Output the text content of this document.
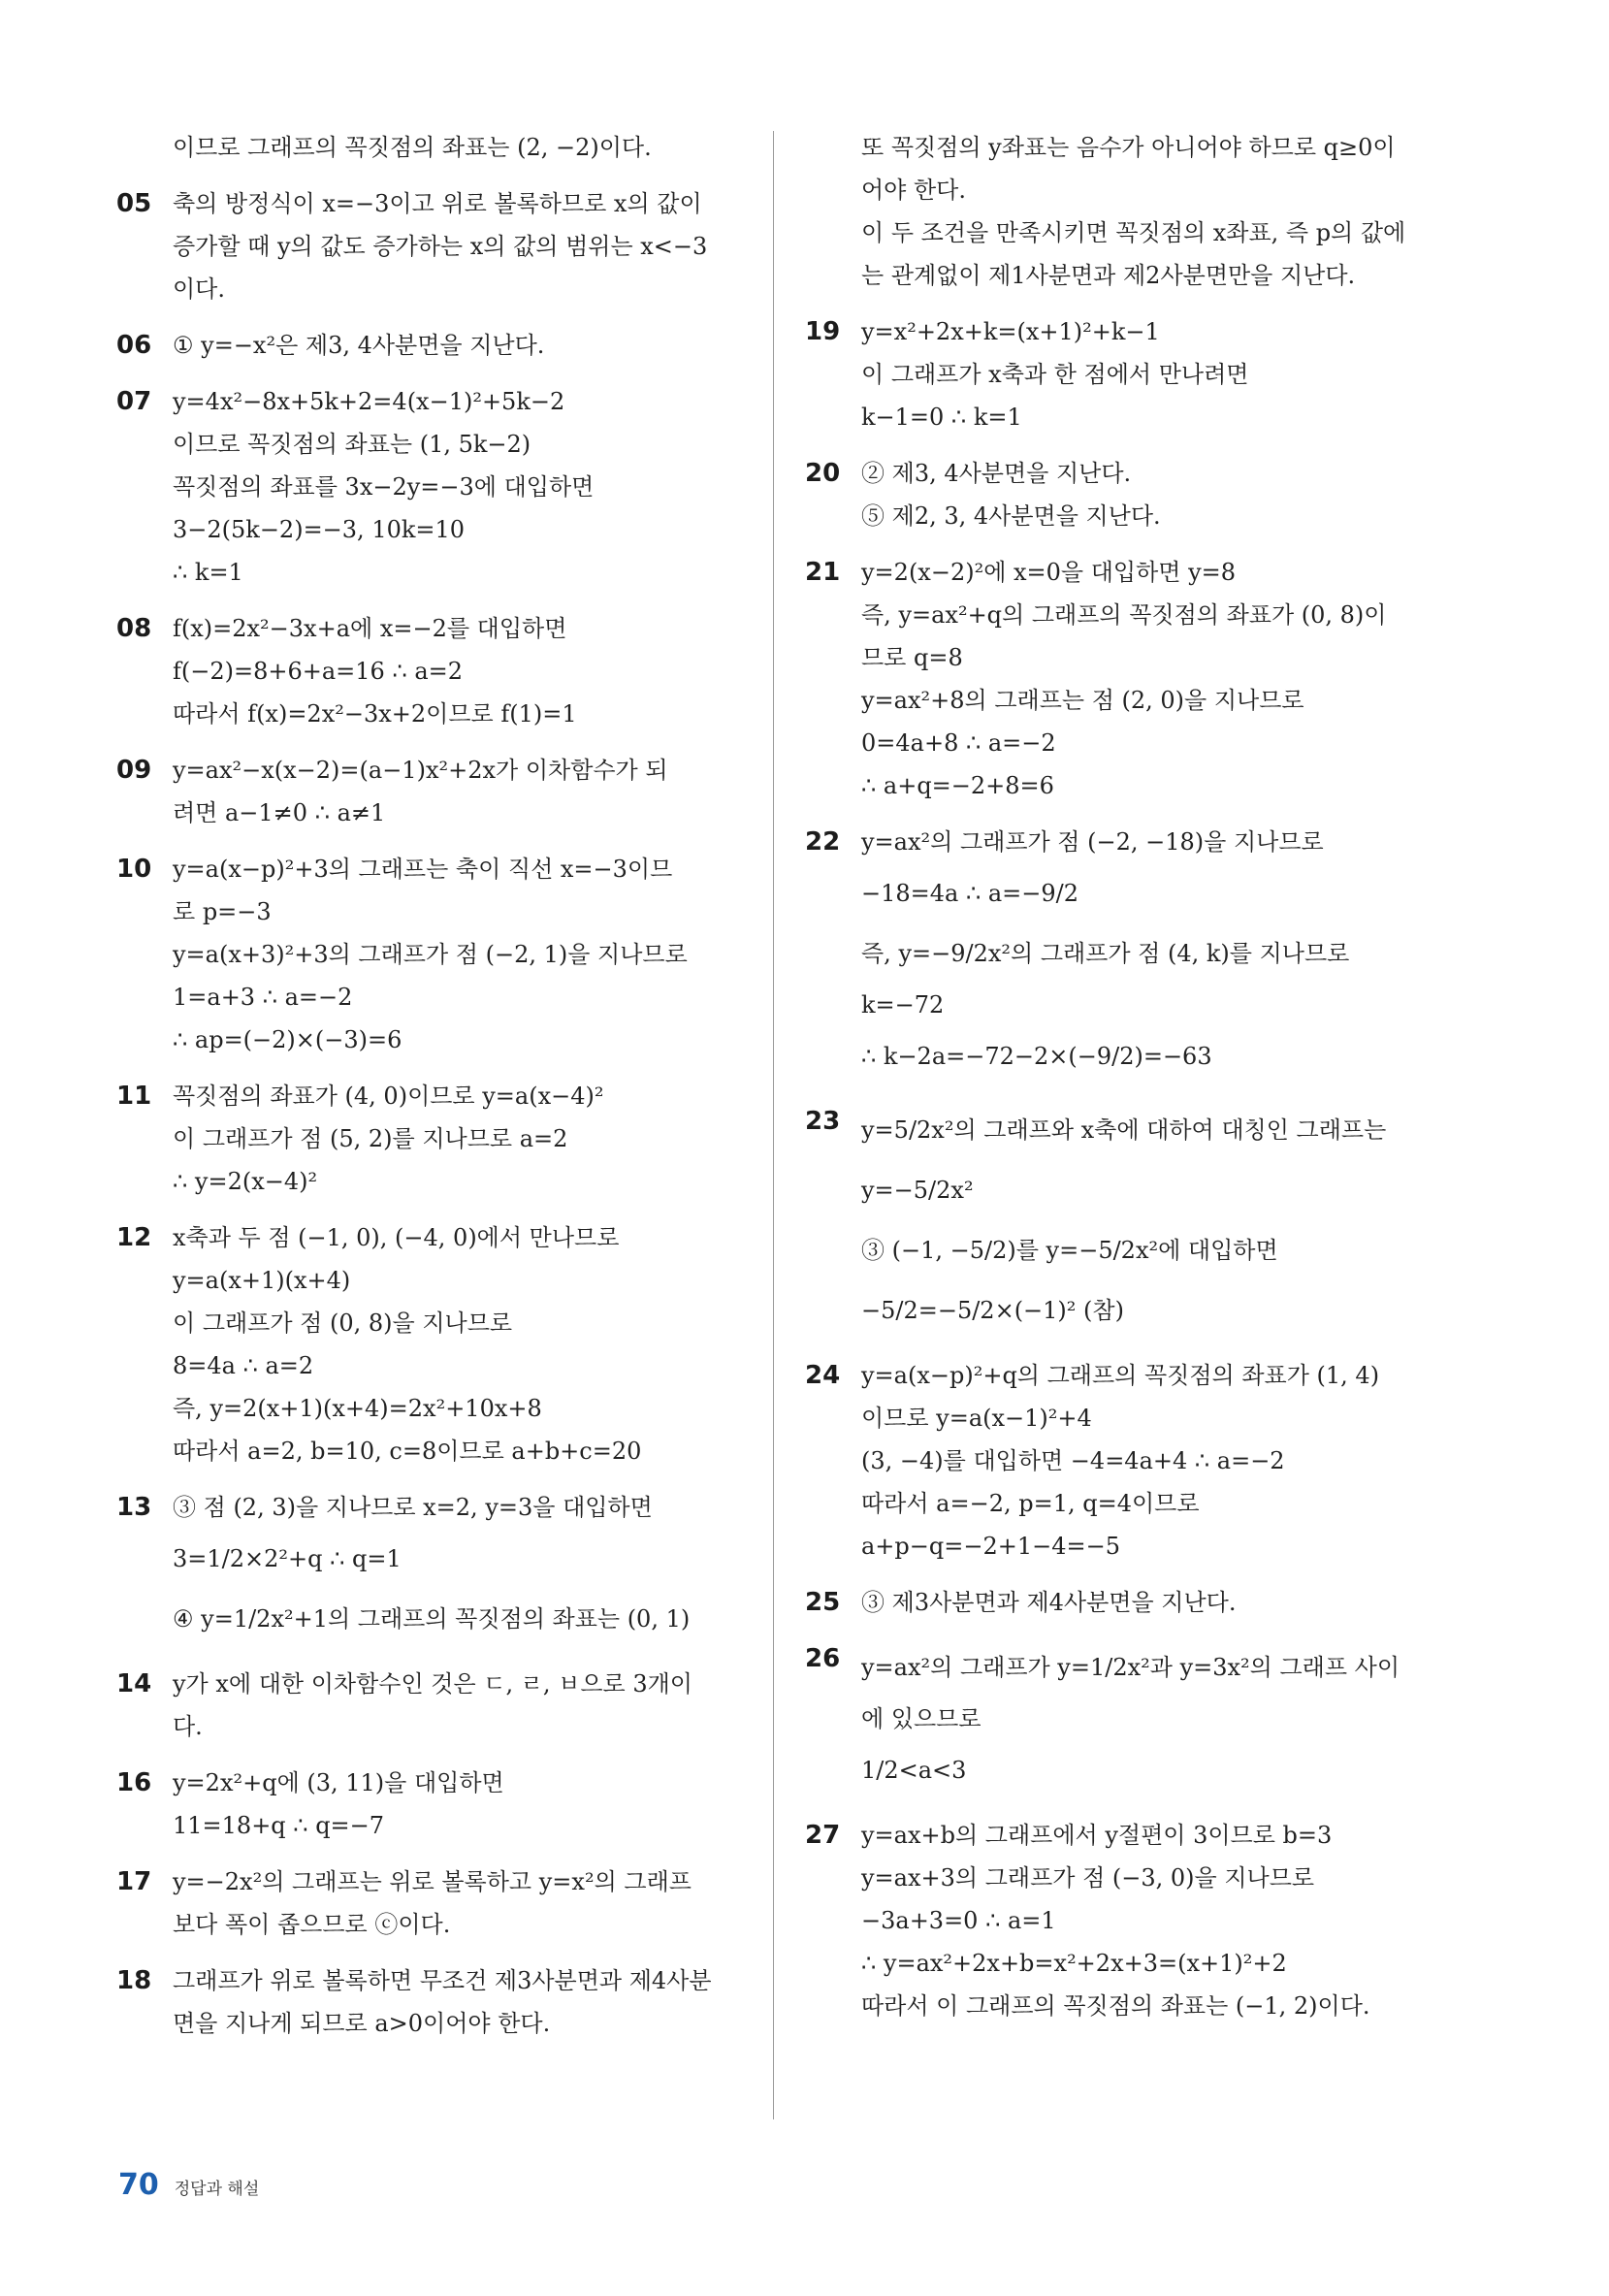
이므로 그래프의 꼭짓점의 좌표는 (2, −2)이다.
05 축의 방정식이 x=−3이고 위로 볼록하므로 x의 값이
증가할 때 y의 값도 증가하는 x의 값의 범위는 x<−3
이다.
06 ① y=−x²은 제3, 4사분면을 지난다.
07 y=4x²−8x+5k+2=4(x−1)²+5k−2
이므로 꼭짓점의 좌표는 (1, 5k−2)
꼭짓점의 좌표를 3x−2y=−3에 대입하면
3−2(5k−2)=−3, 10k=10
∴ k=1
08 f(x)=2x²−3x+a에 x=−2를 대입하면
f(−2)=8+6+a=16 ∴ a=2
따라서 f(x)=2x²−3x+2이므로 f(1)=1
09 y=ax²−x(x−2)=(a−1)x²+2x가 이차함수가 되
려면 a−1≠0 ∴ a≠1
10 y=a(x−p)²+3의 그래프는 축이 직선 x=−3이므
로 p=−3
y=a(x+3)²+3의 그래프가 점 (−2, 1)을 지나므로
1=a+3 ∴ a=−2
∴ ap=(−2)×(−3)=6
11 꼭짓점의 좌표가 (4, 0)이므로 y=a(x−4)²
이 그래프가 점 (5, 2)를 지나므로 a=2
∴ y=2(x−4)²
12 x축과 두 점 (−1, 0), (−4, 0)에서 만나므로
y=a(x+1)(x+4)
이 그래프가 점 (0, 8)을 지나므로
8=4a ∴ a=2
즉, y=2(x+1)(x+4)=2x²+10x+8
따라서 a=2, b=10, c=8이므로 a+b+c=20
13 ③ 점 (2, 3)을 지나므로 x=2, y=3을 대입하면
3=1/2×2²+q ∴ q=1
④ y=1/2x²+1의 그래프의 꼭짓점의 좌표는 (0, 1)
14 y가 x에 대한 이차함수인 것은 ㄷ, ㄹ, ㅂ으로 3개이
다.
16 y=2x²+q에 (3, 11)을 대입하면
11=18+q ∴ q=−7
17 y=−2x²의 그래프는 위로 볼록하고 y=x²의 그래프
보다 폭이 좁으므로 ⓒ이다.
18 그래프가 위로 볼록하면 무조건 제3사분면과 제4사분
면을 지나게 되므로 a>0이어야 한다.
또 꼭짓점의 y좌표는 음수가 아니어야 하므로 q≥0이
어야 한다.
이 두 조건을 만족시키면 꼭짓점의 x좌표, 즉 p의 값에
는 관계없이 제1사분면과 제2사분면만을 지난다.
19 y=x²+2x+k=(x+1)²+k−1
이 그래프가 x축과 한 점에서 만나려면
k−1=0 ∴ k=1
20 ② 제3, 4사분면을 지난다.
⑤ 제2, 3, 4사분면을 지난다.
21 y=2(x−2)²에 x=0을 대입하면 y=8
즉, y=ax²+q의 그래프의 꼭짓점의 좌표가 (0, 8)이
므로 q=8
y=ax²+8의 그래프는 점 (2, 0)을 지나므로
0=4a+8 ∴ a=−2
∴ a+q=−2+8=6
22 y=ax²의 그래프가 점 (−2, −18)을 지나므로
−18=4a ∴ a=−9/2
즉, y=−9/2x²의 그래프가 점 (4, k)를 지나므로
k=−72
∴ k−2a=−72−2×(−9/2)=−63
23 y=5/2x²의 그래프와 x축에 대하여 대칭인 그래프는
y=−5/2x²
③ (−1, −5/2)를 y=−5/2x²에 대입하면
−5/2=−5/2×(−1)² (참)
24 y=a(x−p)²+q의 그래프의 꼭짓점의 좌표가 (1, 4)
이므로 y=a(x−1)²+4
(3, −4)를 대입하면 −4=4a+4 ∴ a=−2
따라서 a=−2, p=1, q=4이므로
a+p−q=−2+1−4=−5
25 ③ 제3사분면과 제4사분면을 지난다.
26 y=ax²의 그래프가 y=1/2x²과 y=3x²의 그래프 사이
에 있으므로
1/2<a<3
27 y=ax+b의 그래프에서 y절편이 3이므로 b=3
y=ax+3의 그래프가 점 (−3, 0)을 지나므로
−3a+3=0 ∴ a=1
∴ y=ax²+2x+b=x²+2x+3=(x+1)²+2
따라서 이 그래프의 꼭짓점의 좌표는 (−1, 2)이다.
70 정답과 해설
